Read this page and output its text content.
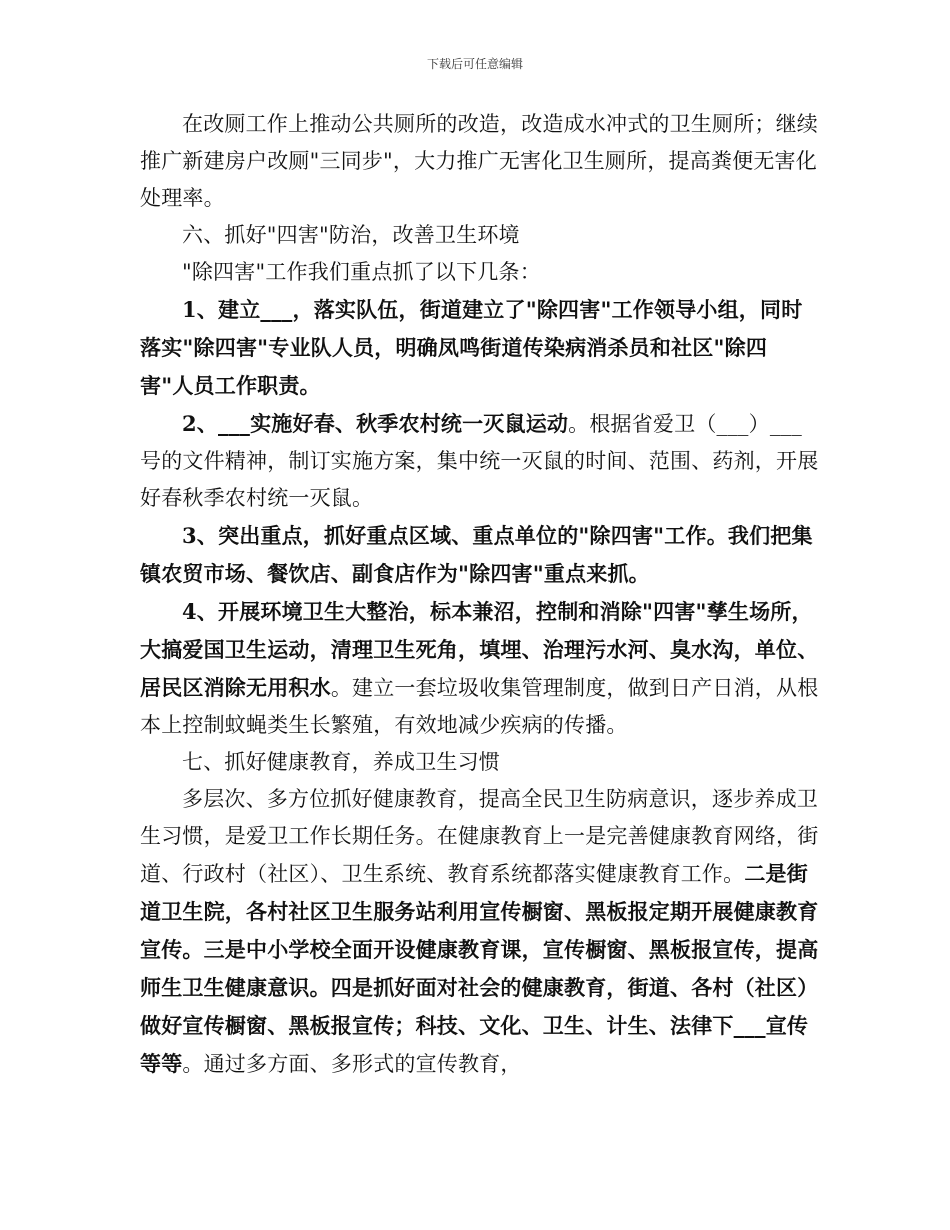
下载后可任意编辑

在改厕工作上推动公共厕所的改造，改造成水冲式的卫生厕所；继续推广新建房户改厕"三同步"，大力推广无害化卫生厕所，提高粪便无害化处理率。

六、抓好"四害"防治，改善卫生环境

"除四害"工作我们重点抓了以下几条：

1、建立___，落实队伍，街道建立了"除四害"工作领导小组，同时落实"除四害"专业队人员，明确凤鸣街道传染病消杀员和社区"除四害"人员工作职责。

2、___实施好春、秋季农村统一灭鼠运动。根据省爱卫（___）___号的文件精神，制订实施方案，集中统一灭鼠的时间、范围、药剂，开展好春秋季农村统一灭鼠。

3、突出重点，抓好重点区域、重点单位的"除四害"工作。我们把集镇农贸市场、餐饮店、副食店作为"除四害"重点来抓。

4、开展环境卫生大整治，标本兼沼，控制和消除"四害"孳生场所，大搞爱国卫生运动，清理卫生死角，填埋、治理污水河、臭水沟，单位、居民区消除无用积水。建立一套垃圾收集管理制度，做到日产日消，从根本上控制蚊蝇类生长繁殖，有效地减少疾病的传播。

七、抓好健康教育，养成卫生习惯

多层次、多方位抓好健康教育，提高全民卫生防病意识，逐步养成卫生习惯，是爱卫工作长期任务。在健康教育上一是完善健康教育网络，街道、行政村（社区）、卫生系统、教育系统都落实健康教育工作。二是街道卫生院，各村社区卫生服务站利用宣传橱窗、黑板报定期开展健康教育宣传。三是中小学校全面开设健康教育课，宣传橱窗、黑板报宣传，提高师生卫生健康意识。四是抓好面对社会的健康教育，街道、各村（社区）做好宣传橱窗、黑板报宣传；科技、文化、卫生、计生、法律下___宣传等等。通过多方面、多形式的宣传教育，
